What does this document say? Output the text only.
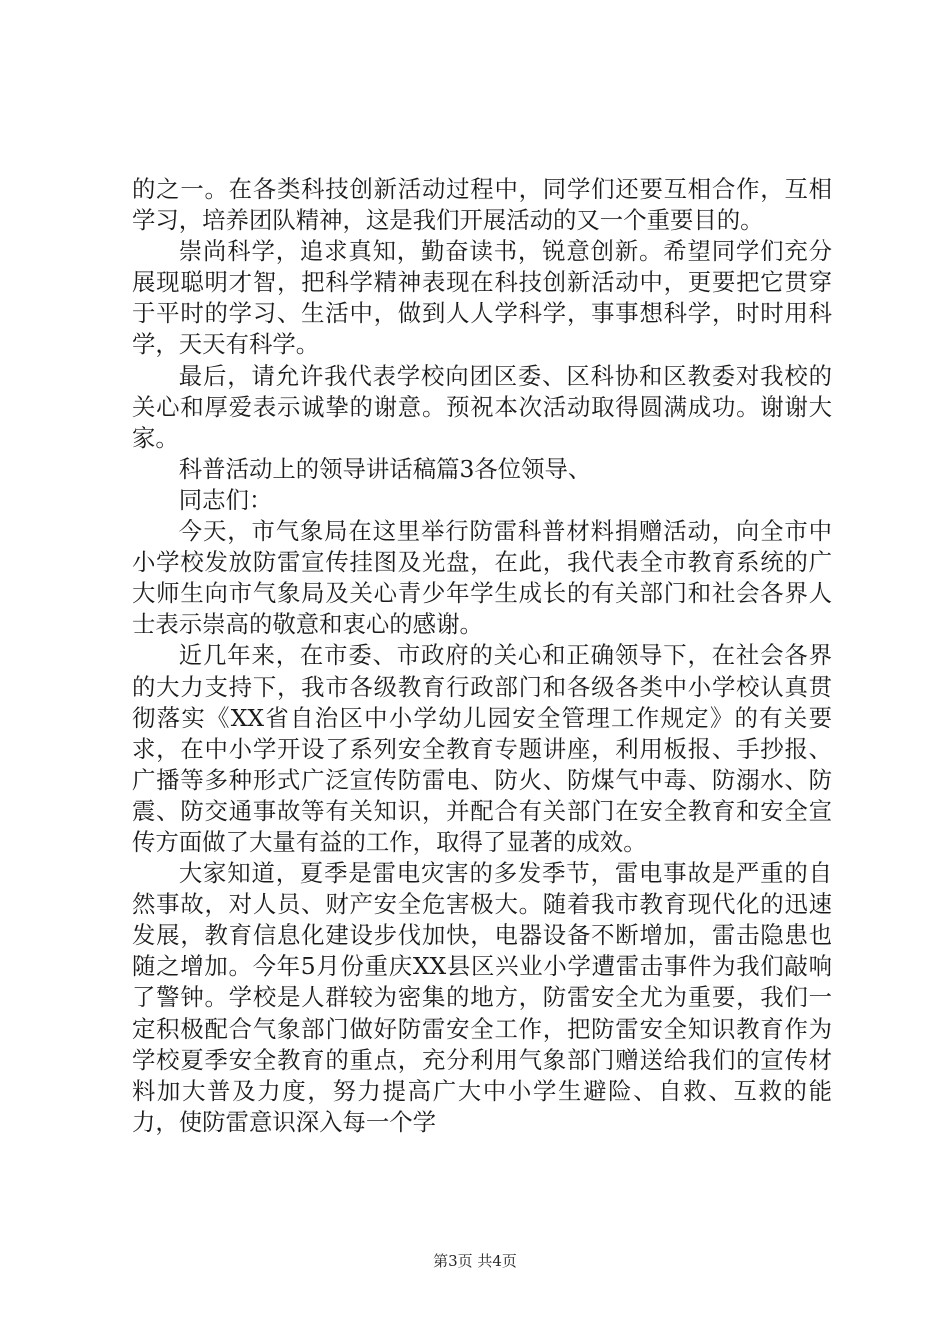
的之一。在各类科技创新活动过程中，同学们还要互相合作，互相学习，培养团队精神，这是我们开展活动的又一个重要目的。

崇尚科学，追求真知，勤奋读书，锐意创新。希望同学们充分展现聪明才智，把科学精神表现在科技创新活动中，更要把它贯穿于平时的学习、生活中，做到人人学科学，事事想科学，时时用科学，天天有科学。

最后，请允许我代表学校向团区委、区科协和区教委对我校的关心和厚爱表示诚挚的谢意。预祝本次活动取得圆满成功。谢谢大家。

科普活动上的领导讲话稿篇3各位领导、

同志们：

今天，市气象局在这里举行防雷科普材料捐赠活动，向全市中小学校发放防雷宣传挂图及光盘，在此，我代表全市教育系统的广大师生向市气象局及关心青少年学生成长的有关部门和社会各界人士表示崇高的敬意和衷心的感谢。

近几年来，在市委、市政府的关心和正确领导下，在社会各界的大力支持下，我市各级教育行政部门和各级各类中小学校认真贯彻落实《XX省自治区中小学幼儿园安全管理工作规定》的有关要求，在中小学开设了系列安全教育专题讲座，利用板报、手抄报、广播等多种形式广泛宣传防雷电、防火、防煤气中毒、防溺水、防震、防交通事故等有关知识，并配合有关部门在安全教育和安全宣传方面做了大量有益的工作，取得了显著的成效。

大家知道，夏季是雷电灾害的多发季节，雷电事故是严重的自然事故，对人员、财产安全危害极大。随着我市教育现代化的迅速发展，教育信息化建设步伐加快，电器设备不断增加，雷击隐患也随之增加。今年5月份重庆XX县区兴业小学遭雷击事件为我们敲响了警钟。学校是人群较为密集的地方，防雷安全尤为重要，我们一定积极配合气象部门做好防雷安全工作，把防雷安全知识教育作为学校夏季安全教育的重点，充分利用气象部门赠送给我们的宣传材料加大普及力度，努力提高广大中小学生避险、自救、互救的能力，使防雷意识深入每一个学

第3页 共4页
